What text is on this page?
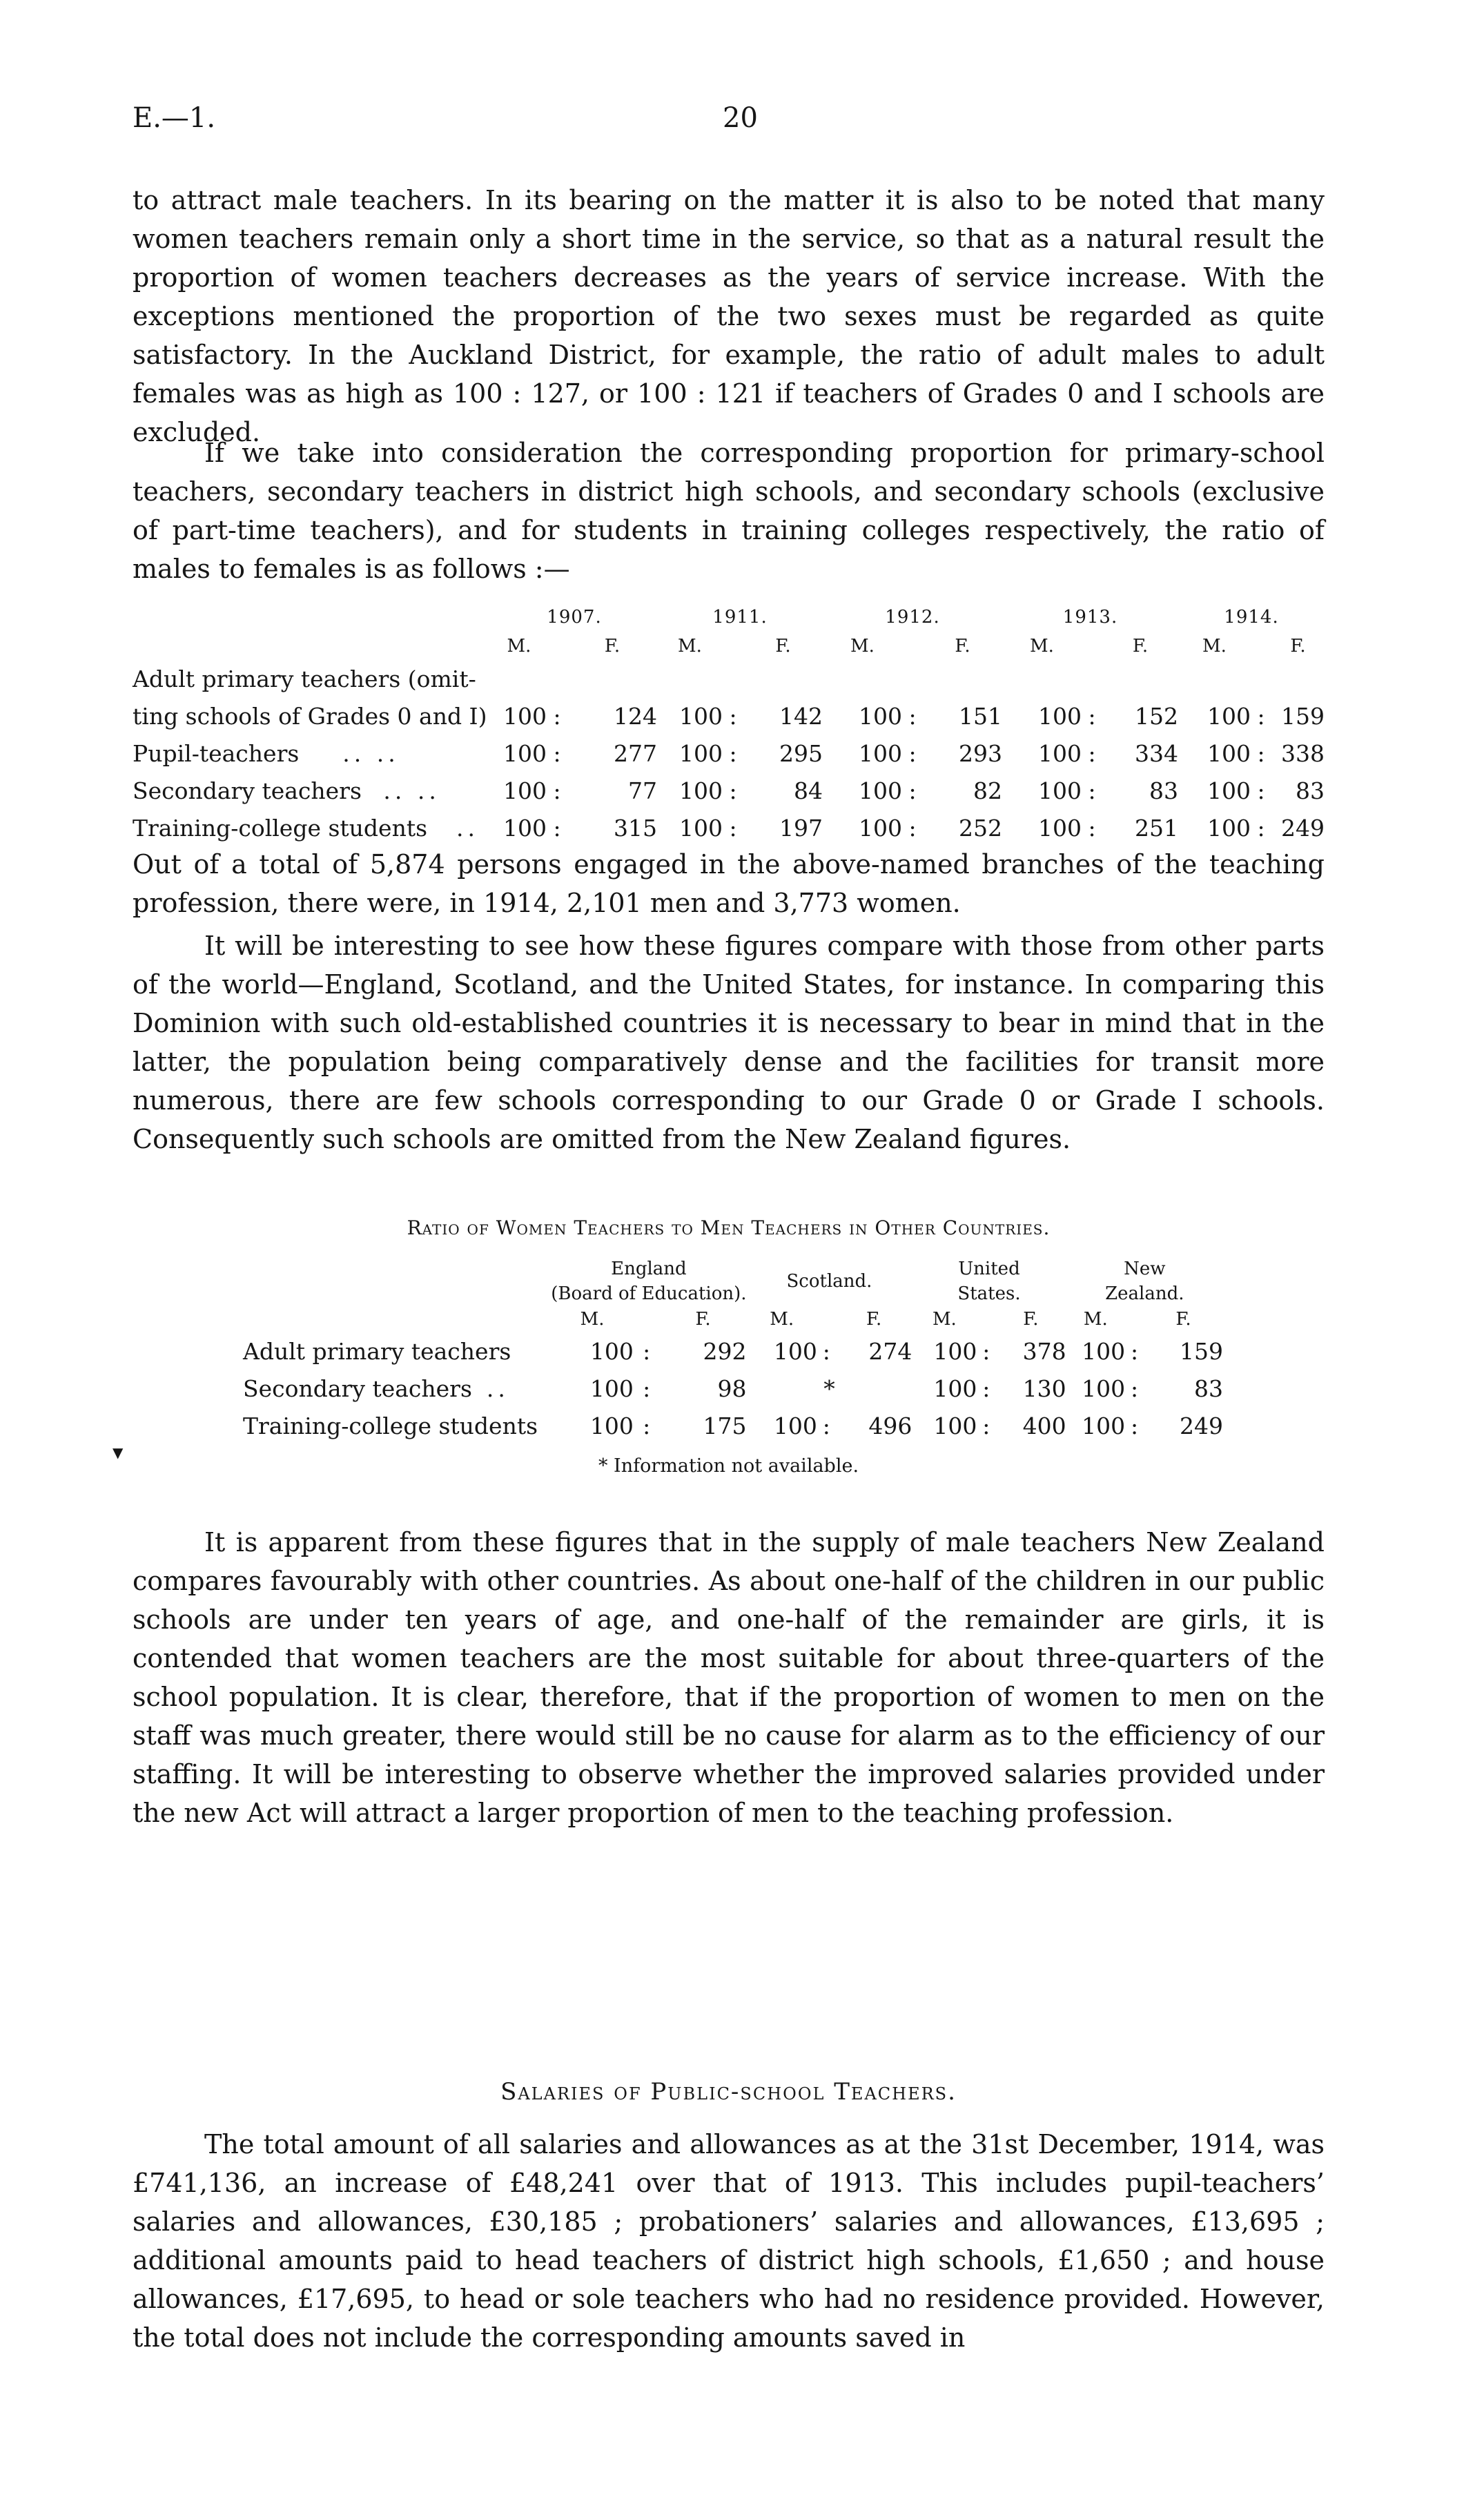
E.—1.	20

to attract male teachers. In its bearing on the matter it is also to be noted that many women teachers remain only a short time in the service, so that as a natural result the proportion of women teachers decreases as the years of service increase. With the exceptions mentioned the proportion of the two sexes must be regarded as quite satisfactory. In the Auckland District, for example, the ratio of adult males to adult females was as high as 100 : 127, or 100 : 121 if teachers of Grades 0 and I schools are excluded.

If we take into consideration the corresponding proportion for primary-school teachers, secondary teachers in district high schools, and secondary schools (exclusive of part-time teachers), and for students in training colleges respectively, the ratio of males to females is as follows :—

	1907.			1911.			1912.			1913.			1914.		
	M.		F.	M.		F.	M.		F.	M.		F.	M.		F.
Adult primary teachers (omit-															
ting schools of Grades 0 and I)	100	:	124	100	:	142	100	:	151	100	:	152	100	:	159
Pupil-teachers .. ..	100	:	277	100	:	295	100	:	293	100	:	334	100	:	338
Secondary teachers .. ..	100	:	77	100	:	84	100	:	82	100	:	83	100	:	83
Training-college students ..	100	:	315	100	:	197	100	:	252	100	:	251	100	:	249

Out of a total of 5,874 persons engaged in the above-named branches of the teaching profession, there were, in 1914, 2,101 men and 3,773 women.

It will be interesting to see how these figures compare with those from other parts of the world—England, Scotland, and the United States, for instance. In comparing this Dominion with such old-established countries it is necessary to bear in mind that in the latter, the population being comparatively dense and the facilities for transit more numerous, there are few schools corresponding to our Grade 0 or Grade I schools. Consequently such schools are omitted from the New Zealand figures.

Ratio of Women Teachers to Men Teachers in Other Countries.
	England			Scotland.			United			New		
	(Board of Education).						States.			Zealand.		
	M.		F.	M.		F.	M.		F.	M.		F.
Adult primary teachers	100	:	292	100	:	274	100	:	378	100	:	159
Secondary teachers ..	100	:	98	*			100	:	130	100	:	83
Training-college students	100	:	175	100	:	496	100	:	400	100	:	249
* Information not available.
▼

It is apparent from these figures that in the supply of male teachers New Zealand compares favourably with other countries. As about one-half of the children in our public schools are under ten years of age, and one-half of the remainder are girls, it is contended that women teachers are the most suitable for about three-quarters of the school population. It is clear, therefore, that if the proportion of women to men on the staff was much greater, there would still be no cause for alarm as to the efficiency of our staffing. It will be interesting to observe whether the improved salaries provided under the new Act will attract a larger proportion of men to the teaching profession.

Salaries of Public-school Teachers.

The total amount of all salaries and allowances as at the 31st December, 1914, was £741,136, an increase of £48,241 over that of 1913. This includes pupil-teachers’ salaries and allowances, £30,185 ; probationers’ salaries and allowances, £13,695 ; additional amounts paid to head teachers of district high schools, £1,650 ; and house allowances, £17,695, to head or sole teachers who had no residence provided. However, the total does not include the corresponding amounts saved in
